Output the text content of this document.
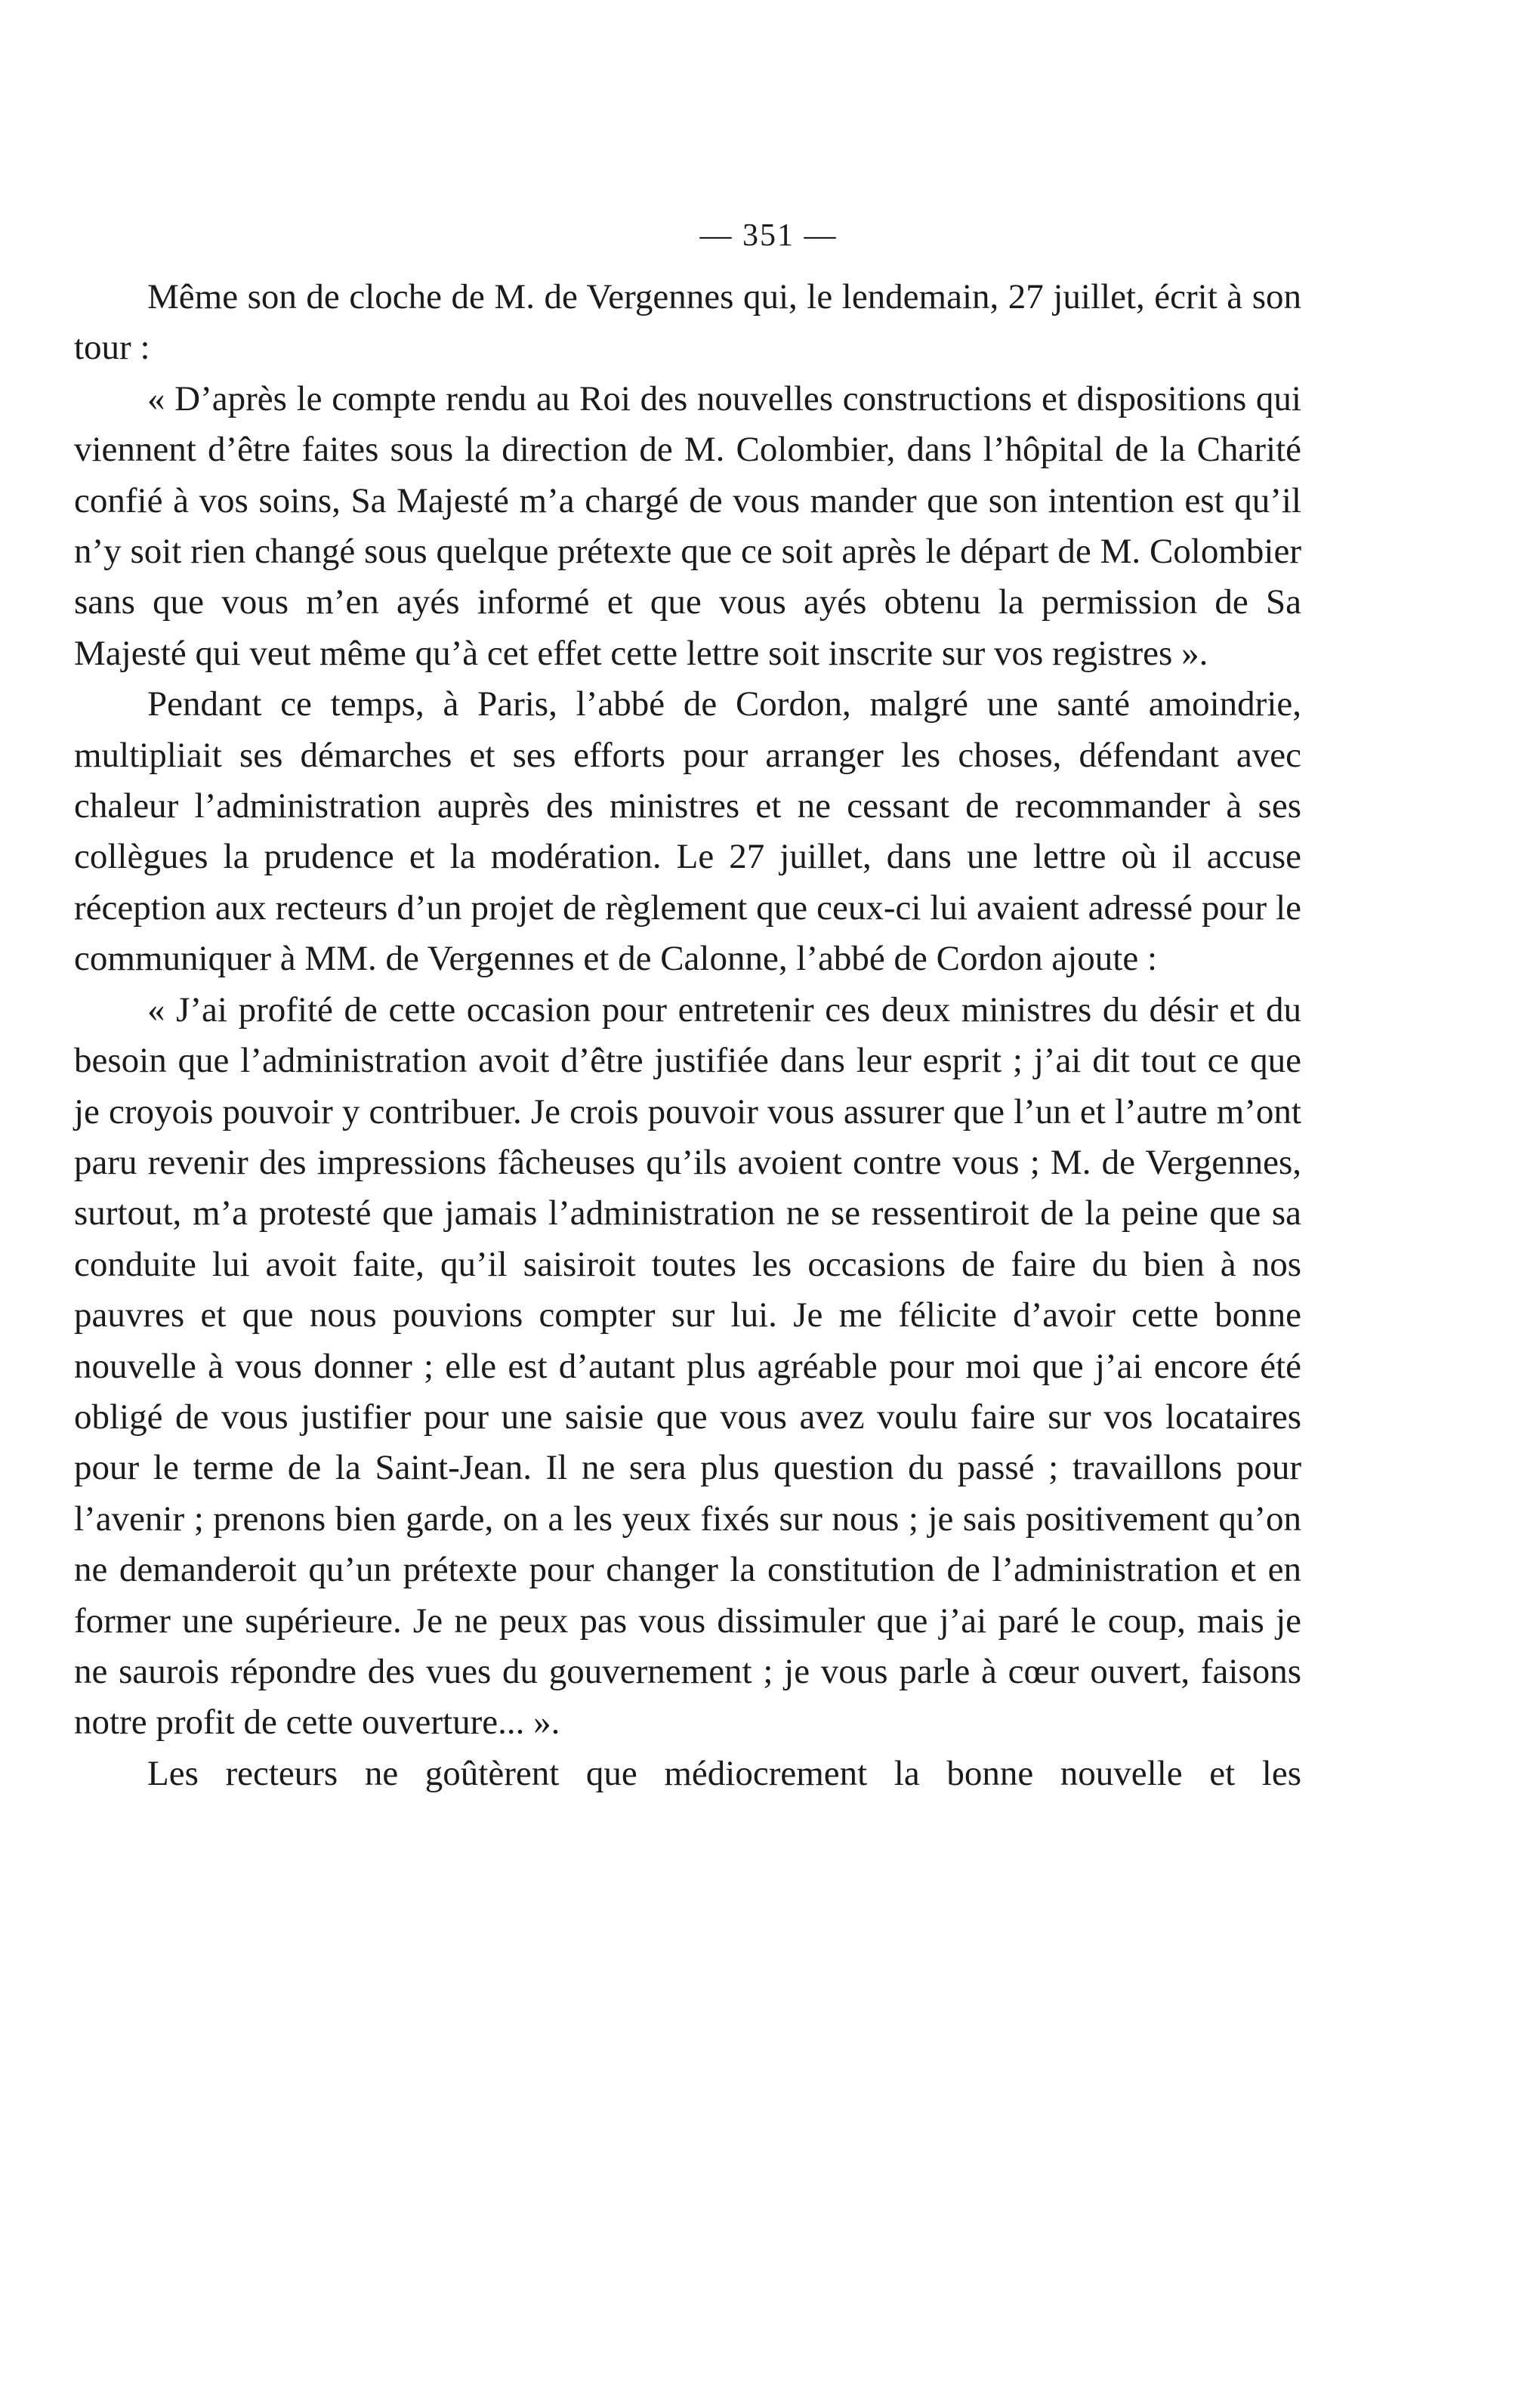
— 351 —

Même son de cloche de M. de Vergennes qui, le lendemain, 27 juillet, écrit à son tour :

« D’après le compte rendu au Roi des nouvelles constructions et dispositions qui viennent d’être faites sous la direction de M. Colombier, dans l’hôpital de la Charité confié à vos soins, Sa Majesté m’a chargé de vous mander que son intention est qu’il n’y soit rien changé sous quelque prétexte que ce soit après le départ de M. Colombier sans que vous m’en ayés informé et que vous ayés obtenu la permission de Sa Majesté qui veut même qu’à cet effet cette lettre soit inscrite sur vos registres ».

Pendant ce temps, à Paris, l’abbé de Cordon, malgré une santé amoindrie, multipliait ses démarches et ses efforts pour arranger les choses, défendant avec chaleur l’administration auprès des ministres et ne cessant de recommander à ses collègues la prudence et la modération. Le 27 juillet, dans une lettre où il accuse réception aux recteurs d’un projet de règlement que ceux-ci lui avaient adressé pour le communiquer à MM. de Vergennes et de Calonne, l’abbé de Cordon ajoute :

« J’ai profité de cette occasion pour entretenir ces deux ministres du désir et du besoin que l’administration avoit d’être justifiée dans leur esprit ; j’ai dit tout ce que je croyois pouvoir y contribuer. Je crois pouvoir vous assurer que l’un et l’autre m’ont paru revenir des impressions fâcheuses qu’ils avoient contre vous ; M. de Vergennes, surtout, m’a protesté que jamais l’administration ne se ressentiroit de la peine que sa conduite lui avoit faite, qu’il saisiroit toutes les occasions de faire du bien à nos pauvres et que nous pouvions compter sur lui. Je me félicite d’avoir cette bonne nouvelle à vous donner ; elle est d’autant plus agréable pour moi que j’ai encore été obligé de vous justifier pour une saisie que vous avez voulu faire sur vos locataires pour le terme de la Saint-Jean. Il ne sera plus question du passé ; travaillons pour l’avenir ; prenons bien garde, on a les yeux fixés sur nous ; je sais positivement qu’on ne demanderoit qu’un prétexte pour changer la constitution de l’administration et en former une supérieure. Je ne peux pas vous dissimuler que j’ai paré le coup, mais je ne saurois répondre des vues du gouvernement ; je vous parle à cœur ouvert, faisons notre profit de cette ouverture... ».

Les recteurs ne goûtèrent que médiocrement la bonne nouvelle et les
